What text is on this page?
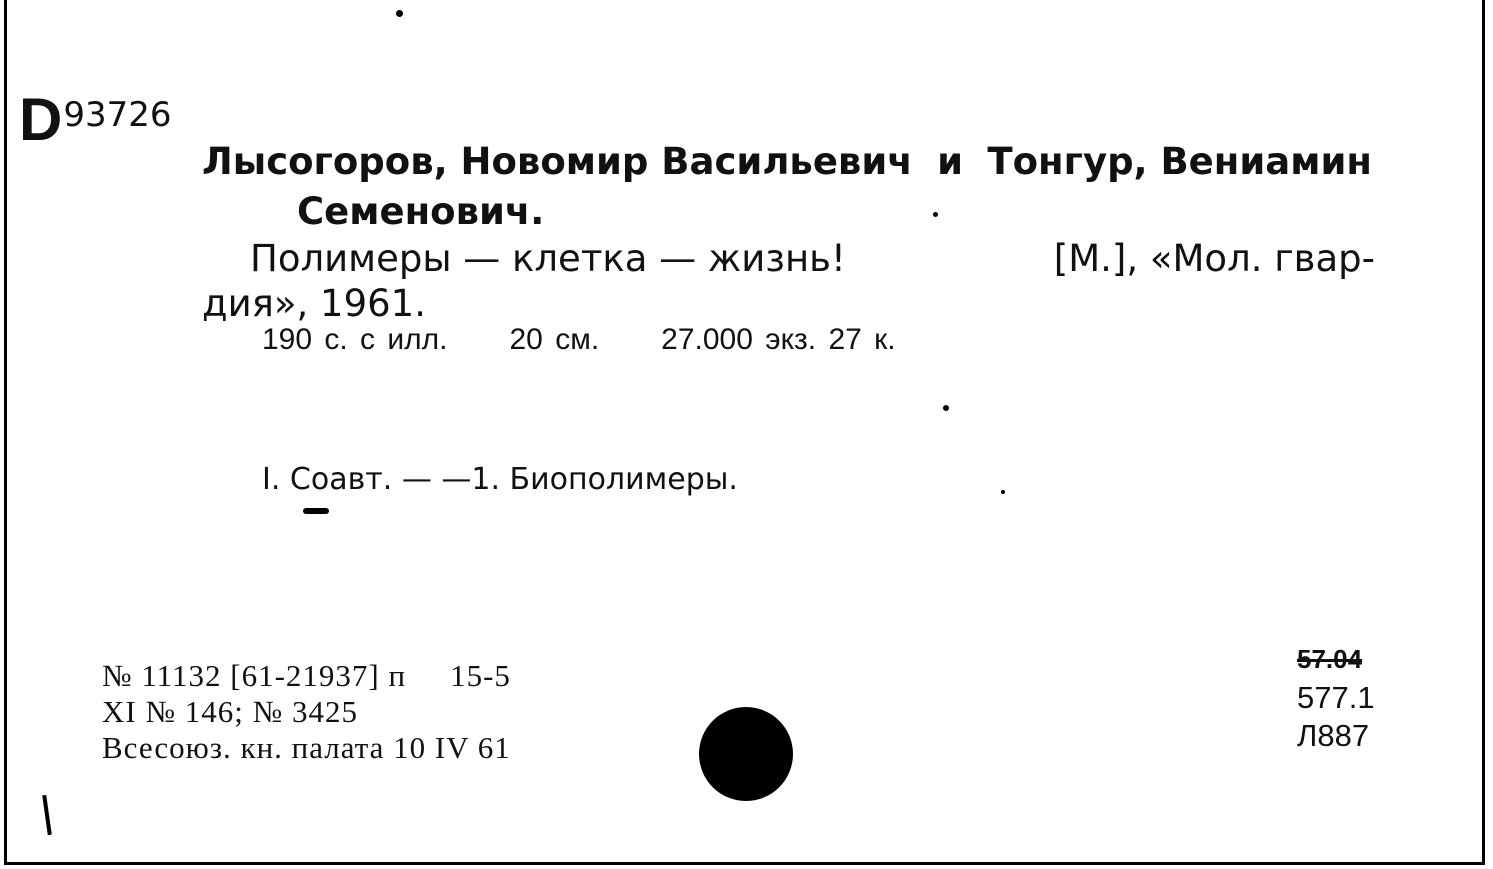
$D^{93726}$
Лысогоров, Новомир Васильевич и Тонгур, Вениамин
Семенович.
Полимеры — клетка — жизнь!	[М.], «Мол. гвар-
дия», 1961.
190 с. с илл. 20 см. 27.000 экз. 27 к.
I. Соавт. — —1. Биополимеры.
№ 11132 [61-21937] п 15-5
XI № 146; № 3425
Всесоюз. кн. палата 10 IV 61
57.04
577.1
Л887
